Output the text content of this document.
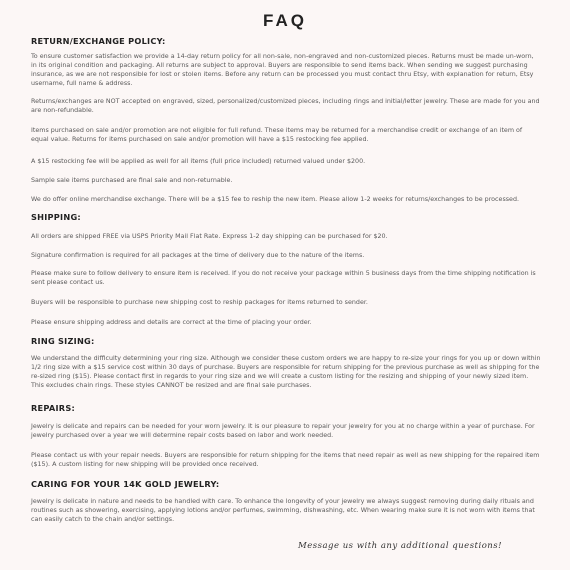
FAQ
RETURN/EXCHANGE POLICY:
To ensure customer satisfaction we provide a 14-day return policy for all non-sale, non-engraved and non-customized pieces. Returns must be made un-worn, in its original condition and packaging. All returns are subject to approval. Buyers are responsible to send items back. When sending we suggest purchasing insurance, as we are not responsible for lost or stolen items. Before any return can be processed you must contact thru Etsy, with explanation for return, Etsy username, full name & address.
Returns/exchanges are NOT accepted on engraved, sized, personalized/customized pieces, including rings and initial/letter jewelry. These are made for you and are non-refundable.
Items purchased on sale and/or promotion are not eligible for full refund. These items may be returned for a merchandise credit or exchange of an item of equal value. Returns for items purchased on sale and/or promotion will have a $15 restocking fee applied.
A $15 restocking fee will be applied as well for all items (full price included) returned valued under $200.
Sample sale items purchased are final sale and non-returnable.
We do offer online merchandise exchange. There will be a $15 fee to reship the new item. Please allow 1-2 weeks for returns/exchanges to be processed.
SHIPPING:
All orders are shipped FREE via USPS Priority Mail Flat Rate. Express 1-2 day shipping can be purchased for $20.
Signature confirmation is required for all packages at the time of delivery due to the nature of the items.
Please make sure to follow delivery to ensure item is received. If you do not receive your package within 5 business days from the time shipping notification is sent please contact us.
Buyers will be responsible to purchase new shipping cost to reship packages for items returned to sender.
Please ensure shipping address and details are correct at the time of placing your order.
RING SIZING:
We understand the difficulty determining your ring size. Although we consider these custom orders we are happy to re-size your rings for you up or down within 1/2 ring size with a $15 service cost within 30 days of purchase. Buyers are responsible for return shipping for the previous purchase as well as shipping for the re-sized ring ($15). Please contact first in regards to your ring size and we will create a custom listing for the resizing and shipping of your newly sized item. This excludes chain rings. These styles CANNOT be resized and are final sale purchases.
REPAIRS:
Jewelry is delicate and repairs can be needed for your worn jewelry. It is our pleasure to repair your jewelry for you at no charge within a year of purchase. For jewelry purchased over a year we will determine repair costs based on labor and work needed.
Please contact us with your repair needs. Buyers are responsible for return shipping for the items that need repair as well as new shipping for the repaired item ($15). A custom listing for new shipping will be provided once received.
CARING FOR YOUR 14K GOLD JEWELRY:
Jewelry is delicate in nature and needs to be handled with care. To enhance the longevity of your jewelry we always suggest removing during daily rituals and routines such as showering, exercising, applying lotions and/or perfumes, swimming, dishwashing, etc. When wearing make sure it is not worn with items that can easily catch to the chain and/or settings.
Message us with any additional questions!
